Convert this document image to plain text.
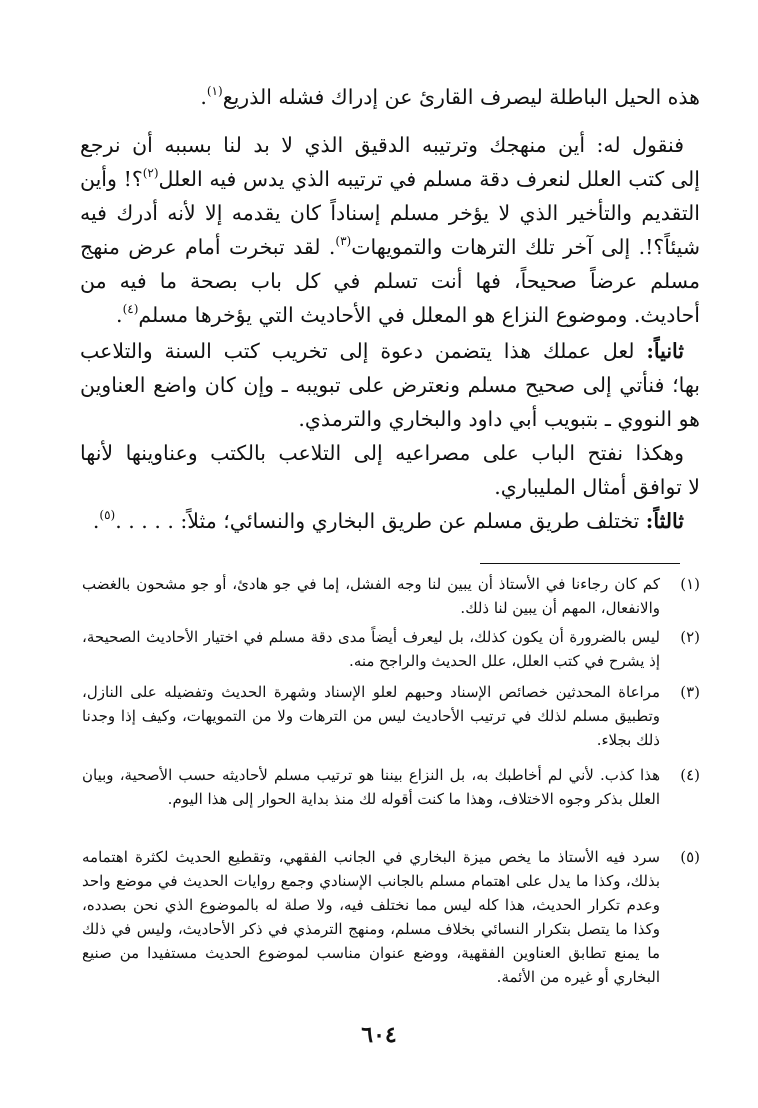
هذه الحيل الباطلة ليصرف القارئ عن إدراك فشله الذريع$^{(١)}$.
فنقول له: أين منهجك وترتيبه الدقيق الذي لا بد لنا بسببه أن نرجع
إلى كتب العلل لنعرف دقة مسلم في ترتيبه الذي يدس فيه العلل$^{(٢)}$؟! وأين
التقديم والتأخير الذي لا يؤخر مسلم إسناداً كان يقدمه إلا لأنه أدرك فيه
شيئاً؟!. إلى آخر تلك الترهات والتمويهات$^{(٣)}$. لقد تبخرت أمام عرض منهج
مسلم عرضاً صحيحاً، فها أنت تسلم في كل باب بصحة ما فيه من
أحاديث. وموضوع النزاع هو المعلل في الأحاديث التي يؤخرها مسلم$^{(٤)}$.
ثانياً: لعل عملك هذا يتضمن دعوة إلى تخريب كتب السنة والتلاعب
بها؛ فنأتي إلى صحيح مسلم ونعترض على تبويبه ـ وإن كان واضع العناوين
هو النووي ـ بتبويب أبي داود والبخاري والترمذي.
وهكذا نفتح الباب على مصراعيه إلى التلاعب بالكتب وعناوينها لأنها
لا توافق أمثال المليباري.
ثالثاً: تختلف طريق مسلم عن طريق البخاري والنسائي؛ مثلاً: . . . . .$^{(٥)}$.
(١)
كم كان رجاءنا في الأستاذ أن يبين لنا وجه الفشل، إما في جو هادئ، أو جو مشحون بالغضب والانفعال، المهم أن يبين لنا ذلك.
(٢)
ليس بالضرورة أن يكون كذلك، بل ليعرف أيضاً مدى دقة مسلم في اختيار الأحاديث الصحيحة، إذ يشرح في كتب العلل، علل الحديث والراجح منه.
(٣)
مراعاة المحدثين خصائص الإسناد وحبهم لعلو الإسناد وشهرة الحديث وتفضيله على النازل، وتطبيق مسلم لذلك في ترتيب الأحاديث ليس من الترهات ولا من التمويهات، وكيف إذا وجدنا ذلك بجلاء.
(٤)
هذا كذب. لأني لم أخاطبك به، بل النزاع بيننا هو ترتيب مسلم لأحاديثه حسب الأصحية، وبيان العلل بذكر وجوه الاختلاف، وهذا ما كنت أقوله لك منذ بداية الحوار إلى هذا اليوم.
(٥)
سرد فيه الأستاذ ما يخص ميزة البخاري في الجانب الفقهي، وتقطيع الحديث لكثرة اهتمامه بذلك، وكذا ما يدل على اهتمام مسلم بالجانب الإسنادي وجمع روايات الحديث في موضع واحد وعدم تكرار الحديث، هذا كله ليس مما نختلف فيه، ولا صلة له بالموضوع الذي نحن بصدده، وكذا ما يتصل بتكرار النسائي بخلاف مسلم، ومنهج الترمذي في ذكر الأحاديث، وليس في ذلك ما يمنع تطابق العناوين الفقهية، ووضع عنوان مناسب لموضوع الحديث مستفيدا من صنيع البخاري أو غيره من الأئمة.
٦٠٤
